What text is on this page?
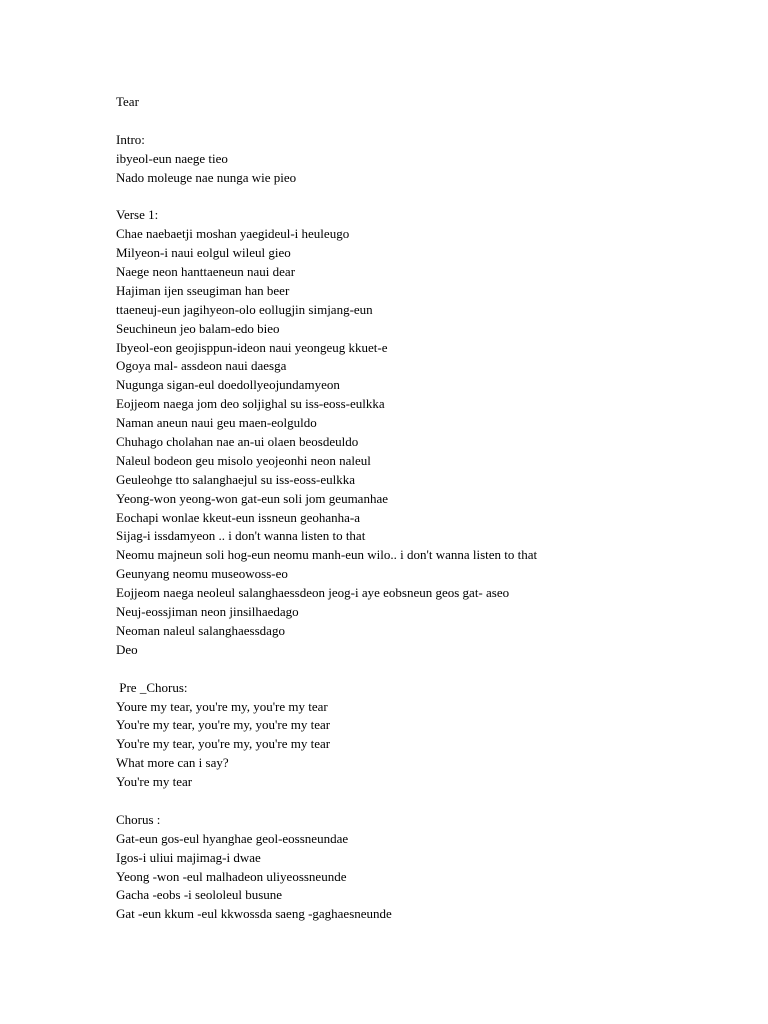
Tear
Intro:
ibyeol-eun naege tieo
Nado moleuge nae nunga wie pieo
Verse 1:
Chae naebaetji moshan yaegideul-i heuleugo
Milyeon-i naui eolgul wileul gieo
Naege neon hanttaeneun naui dear
Hajiman ijen sseugiman han beer
ttaeneuj-eun jagihyeon-olo eollugjin simjang-eun
Seuchineun jeo balam-edo bieo
Ibyeol-eon geojisppun-ideon naui yeongeug kkuet-e
Ogoya mal- assdeon naui daesga
Nugunga sigan-eul doedollyeojundamyeon
Eojjeom naega jom deo soljighal su iss-eoss-eulkka
Naman aneun naui geu maen-eolguldo
Chuhago cholahan nae an-ui olaen beosdeuldo
Naleul bodeon geu misolo yeojeonhi neon naleul
Geuleohge tto salanghaejul su iss-eoss-eulkka
Yeong-won yeong-won gat-eun soli jom geumanhae
Eochapi wonlae kkeut-eun issneun geohanha-a
Sijag-i issdamyeon .. i don't wanna listen to that
Neomu majneun soli hog-eun neomu manh-eun wilo.. i don't wanna listen to that
Geunyang neomu museowoss-eo
Eojjeom naega neoleul salanghaessdeon jeog-i aye eobsneun geos gat- aseo
Neuj-eossjiman neon jinsilhaedago
Neoman naleul salanghaessdago
Deo
Pre _Chorus:
Youre my tear, you're my, you're my tear
You're my tear, you're my, you're my tear
You're my tear, you're my, you're my tear
What more can i say?
You're my tear
Chorus :
Gat-eun gos-eul hyanghae geol-eossneundae
Igos-i uliui majimag-i dwae
Yeong -won -eul malhadeon uliyeossneunde
Gacha -eobs -i seololeul busune
Gat -eun kkum -eul kkwossda saeng -gaghaesneunde
